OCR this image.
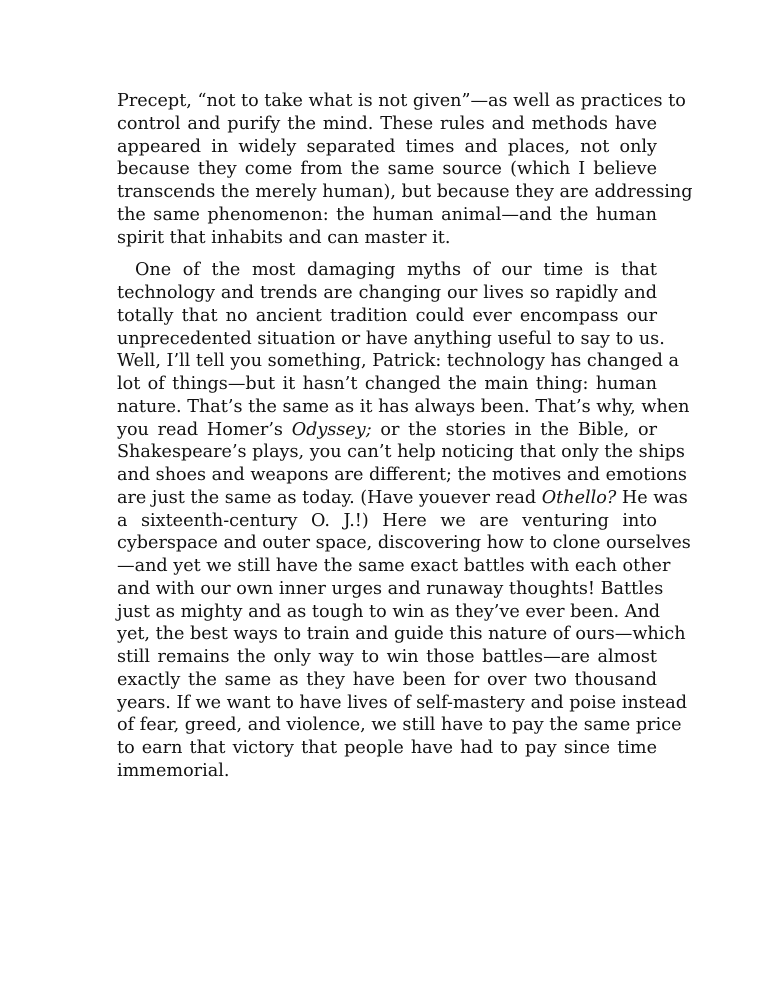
Precept, “not to take what is not given”—as well as practices to
control and purify the mind. These rules and methods have
appeared in widely separated times and places, not only
because they come from the same source (which I believe
transcends the merely human), but because they are addressing
the same phenomenon: the human animal—and the human
spirit that inhabits and can master it.
One of the most damaging myths of our time is that
technology and trends are changing our lives so rapidly and
totally that no ancient tradition could ever encompass our
unprecedented situation or have anything useful to say to us.
Well, I’ll tell you something, Patrick: technology has changed a
lot of things—but it hasn’t changed the main thing: human
nature. That’s the same as it has always been. That’s why, when
you read Homer’s Odyssey; or the stories in the Bible, or
Shakespeare’s plays, you can’t help noticing that only the ships
and shoes and weapons are different; the motives and emotions
are just the same as today. (Have youever read Othello? He was
a sixteenth-century O. J.!) Here we are venturing into
cyberspace and outer space, discovering how to clone ourselves
—and yet we still have the same exact battles with each other
and with our own inner urges and runaway thoughts! Battles
just as mighty and as tough to win as they’ve ever been. And
yet, the best ways to train and guide this nature of ours—which
still remains the only way to win those battles—are almost
exactly the same as they have been for over two thousand
years. If we want to have lives of self-mastery and poise instead
of fear, greed, and violence, we still have to pay the same price
to earn that victory that people have had to pay since time
immemorial.
